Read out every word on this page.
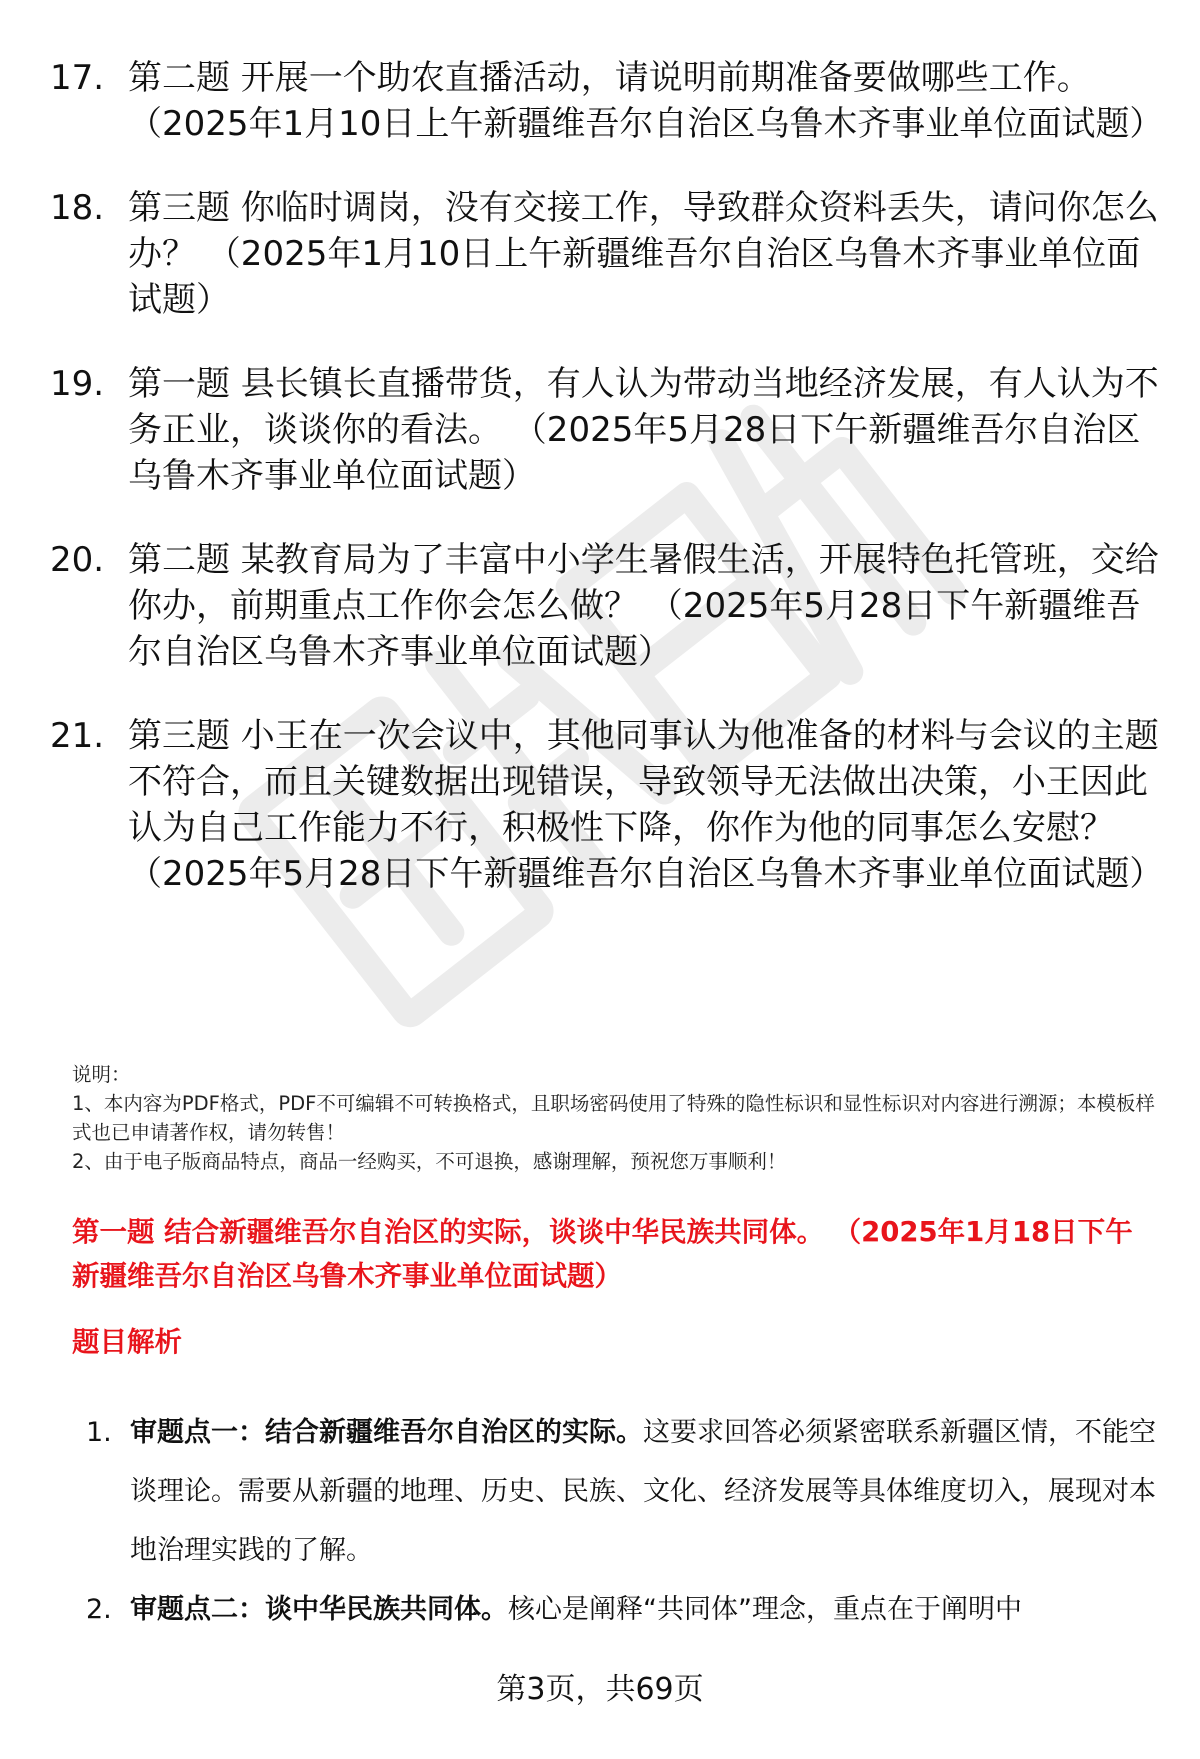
17. 第二题 开展一个助农直播活动，请说明前期准备要做哪些工作。 （2025年1月10日上午新疆维吾尔自治区乌鲁木齐事业单位面试题）
18. 第三题 你临时调岗，没有交接工作，导致群众资料丢失，请问你怎么办？ （2025年1月10日上午新疆维吾尔自治区乌鲁木齐事业单位面试题）
19. 第一题 县长镇长直播带货，有人认为带动当地经济发展，有人认为不务正业，谈谈你的看法。 （2025年5月28日下午新疆维吾尔自治区乌鲁木齐事业单位面试题）
20. 第二题 某教育局为了丰富中小学生暑假生活，开展特色托管班，交给你办，前期重点工作你会怎么做？ （2025年5月28日下午新疆维吾尔自治区乌鲁木齐事业单位面试题）
21. 第三题 小王在一次会议中，其他同事认为他准备的材料与会议的主题不符合，而且关键数据出现错误，导致领导无法做出决策，小王因此认为自己工作能力不行，积极性下降，你作为他的同事怎么安慰？ （2025年5月28日下午新疆维吾尔自治区乌鲁木齐事业单位面试题）

说明：

1、本内容为PDF格式，PDF不可编辑不可转换格式，且职场密码使用了特殊的隐性标识和显性标识对内容进行溯源；本模板样式也已申请著作权，请勿转售！

2、由于电子版商品特点，商品一经购买，不可退换，感谢理解，预祝您万事顺利！

第一题 结合新疆维吾尔自治区的实际，谈谈中华民族共同体。 （2025年1月18日下午新疆维吾尔自治区乌鲁木齐事业单位面试题）
题目解析
1. 审题点一：结合新疆维吾尔自治区的实际。这要求回答必须紧密联系新疆区情，不能空谈理论。需要从新疆的地理、历史、民族、文化、经济发展等具体维度切入，展现对本地治理实践的了解。
2. 审题点二：谈中华民族共同体。核心是阐释“共同体”理念，重点在于阐明中
第3页，共69页
